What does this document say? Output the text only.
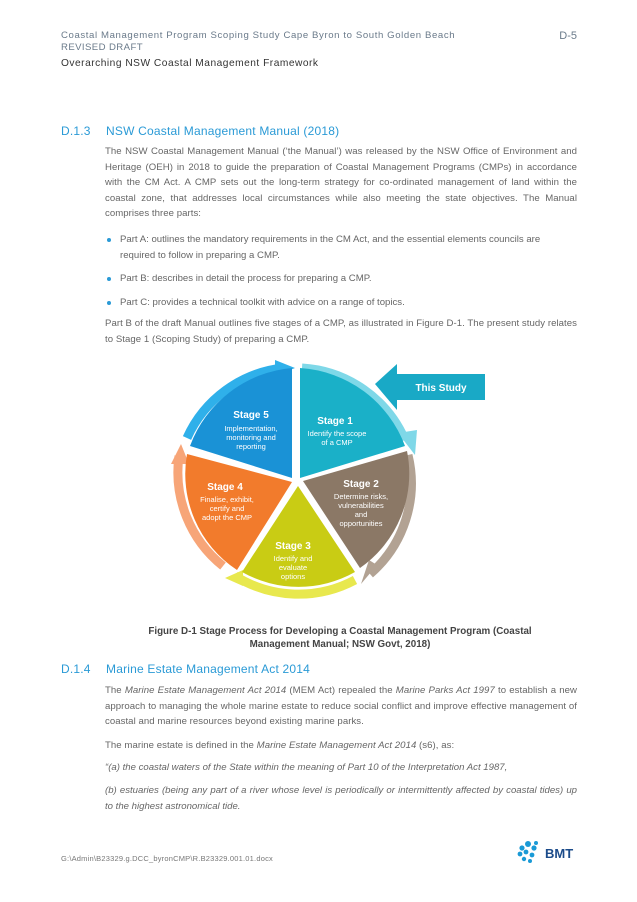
Coastal Management Program Scoping Study Cape Byron to South Golden Beach
REVISED DRAFT
Overarching NSW Coastal Management Framework
D-5
D.1.3 NSW Coastal Management Manual (2018)
The NSW Coastal Management Manual (‘the Manual’) was released by the NSW Office of Environment and Heritage (OEH) in 2018 to guide the preparation of Coastal Management Programs (CMPs) in accordance with the CM Act. A CMP sets out the long-term strategy for co-ordinated management of land within the coastal zone, that addresses local circumstances while also meeting the state objectives. The Manual comprises three parts:
Part A: outlines the mandatory requirements in the CM Act, and the essential elements councils are required to follow in preparing a CMP.
Part B: describes in detail the process for preparing a CMP.
Part C: provides a technical toolkit with advice on a range of topics.
Part B of the draft Manual outlines five stages of a CMP, as illustrated in Figure D-1. The present study relates to Stage 1 (Scoping Study) of preparing a CMP.
This Study
Stage 1
Identify the scope
of a CMP
Stage 2
Determine risks,
vulnerabilities
and
opportunities
Stage 3
Identify and
evaluate
options
Stage 4
Finalise, exhibit,
certify and
adopt the CMP
Stage 5
Implementation,
monitoring and
reporting
Figure D-1 Stage Process for Developing a Coastal Management Program (Coastal Management Manual; NSW Govt, 2018)
D.1.4 Marine Estate Management Act 2014
The Marine Estate Management Act 2014 (MEM Act) repealed the Marine Parks Act 1997 to establish a new approach to managing the whole marine estate to reduce social conflict and improve effective management of coastal and marine resources beyond existing marine parks.
The marine estate is defined in the Marine Estate Management Act 2014 (s6), as:
“(a) the coastal waters of the State within the meaning of Part 10 of the Interpretation Act 1987,
(b) estuaries (being any part of a river whose level is periodically or intermittently affected by coastal tides) up to the highest astronomical tide.
G:\Admin\B23329.g.DCC_byronCMP\R.B23329.001.01.docx	BMT
